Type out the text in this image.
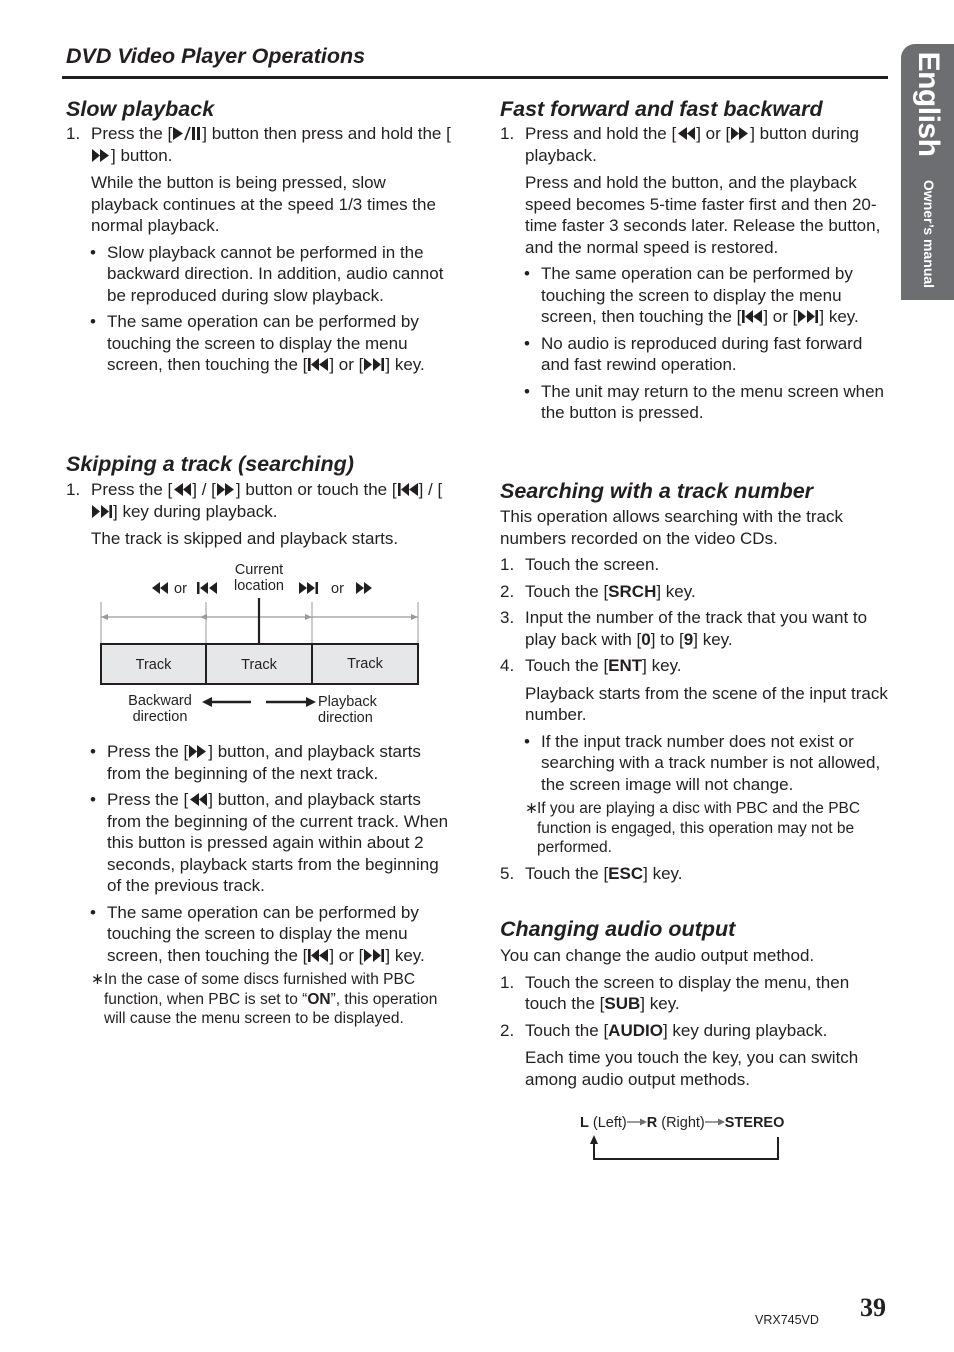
DVD Video Player Operations	English
Owner’s manual
Slow playback

1. Press the [ ] button then press and hold the [] button.

While the button is being pressed, slow playback continues at the speed 1/3 times the normal playback.

• Slow playback cannot be performed in the backward direction. In addition, audio cannot be reproduced during slow playback.

• The same operation can be performed by touching the screen to display the menu screen, then touching the [ ] or [ ] key.

Skipping a track (searching)

1. Press the [ ] / [ ] button or touch the [ ] / [] key during playback.

The track is skipped and playback starts.

or	or
Current location
Track	Track	Track
Backward direction
Playback direction

• Press the [ ] button, and playback starts from the beginning of the next track.

• Press the [ ] button, and playback starts from the beginning of the current track. When this button is pressed again within about 2 seconds, playback starts from the beginning of the previous track.

• The same operation can be performed by touching the screen to display the menu screen, then touching the [ ] or [ ] key.

∗ In the case of some discs furnished with PBC function, when PBC is set to “ON”, this operation will cause the menu screen to be displayed.

Fast forward and fast backward

1. Press and hold the [ ] or [ ] button during playback.

Press and hold the button, and the playback speed becomes 5-time faster first and then 20-time faster 3 seconds later. Release the button, and the normal speed is restored.

• The same operation can be performed by touching the screen to display the menu screen, then touching the [ ] or [ ] key.

• No audio is reproduced during fast forward and fast rewind operation.

• The unit may return to the menu screen when the button is pressed.

Searching with a track number

This operation allows searching with the track numbers recorded on the video CDs.

1. Touch the screen.

2. Touch the [SRCH] key.

3. Input the number of the track that you want to play back with [0] to [9] key.

4. Touch the [ENT] key.

Playback starts from the scene of the input track number.

• If the input track number does not exist or searching with a track number is not allowed, the screen image will not change.

∗ If you are playing a disc with PBC and the PBC function is engaged, this operation may not be performed.

5. Touch the [ESC] key.

Changing audio output

You can change the audio output method.

1. Touch the screen to display the menu, then touch the [SUB] key.

2. Touch the [AUDIO] key during playback.

Each time you touch the key, you can switch among audio output methods.

L (Left) R (Right) STEREO
VRX745VD 39
